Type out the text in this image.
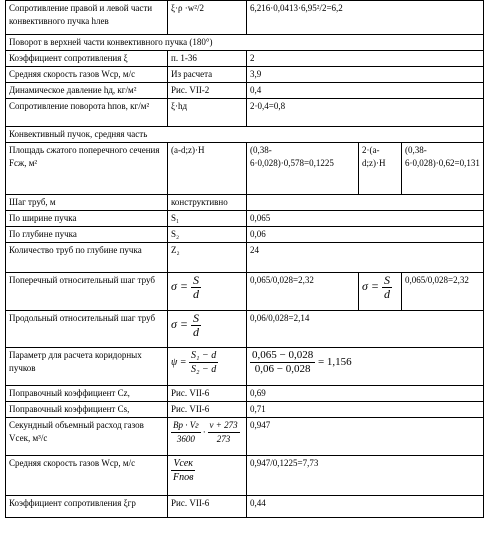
Сопротивление правой и левой части конвективного пучка hлев	ξ·ρ ·w²/2	6,216·0,0413·6,95²/2=6,2		
Поворот в верхней части конвективного пучка (180°)				
Коэффициент сопротивления ξ	п. 1-36	2		
Средняя скорость газов Wср, м/с	Из расчета	3,9		
Динамическое давление hд, кг/м²	Рис. VII-2	0,4		
Сопротивление поворота hпов, кг/м²	ξ·hд	2·0,4=0,8		
Конвективный пучок, средняя часть				
Площадь сжатого поперечного сечения Fсж, м²	(a-d;z)·H	(0,38-6·0,028)·0,578=0,1225	2·(a-d;z)·H	(0,38-6·0,028)·0,62=0,131
Шаг труб, м	конструктивно			
По ширине пучка	S₁	0,065		
По глубине пучка	S₂	0,06		
Количество труб по глубине пучка	Z₂	24		
Поперечный относительный шаг труб	$\sigma = \frac{S}{d}$	0,065/0,028=2,32	$\sigma = \frac{S}{d}$	0,065/0,028=2,32
Продольный относительный шаг труб	$\sigma = \frac{S}{d}$	0,06/0,028=2,14		
Параметр для расчета коридорных пучков	$\psi = \frac{\text{S₁ − d}}{\text{S₂ − d}}$	$\frac{0,065 - 0,028}{0,06 - 0,028} = 1,156$		
Поправочный коэффициент Сz,	Рис. VII-6	0,69		
Поправочный коэффициент Сs,	Рис. VII-6	0,71		
Секундный объемный расход газов Vсек, м³/с	$\frac{Bр \cdot Vг}{3600} \cdot \frac{v + 273}{273}$	0,947		
Средняя скорость газов Wср, м/с	$\frac{\text{Vсек}}{\text{Fпов}}$	0,947/0,1225=7,73		
Коэффициент сопротивления ξгр	Рис. VII-6	0,44		
